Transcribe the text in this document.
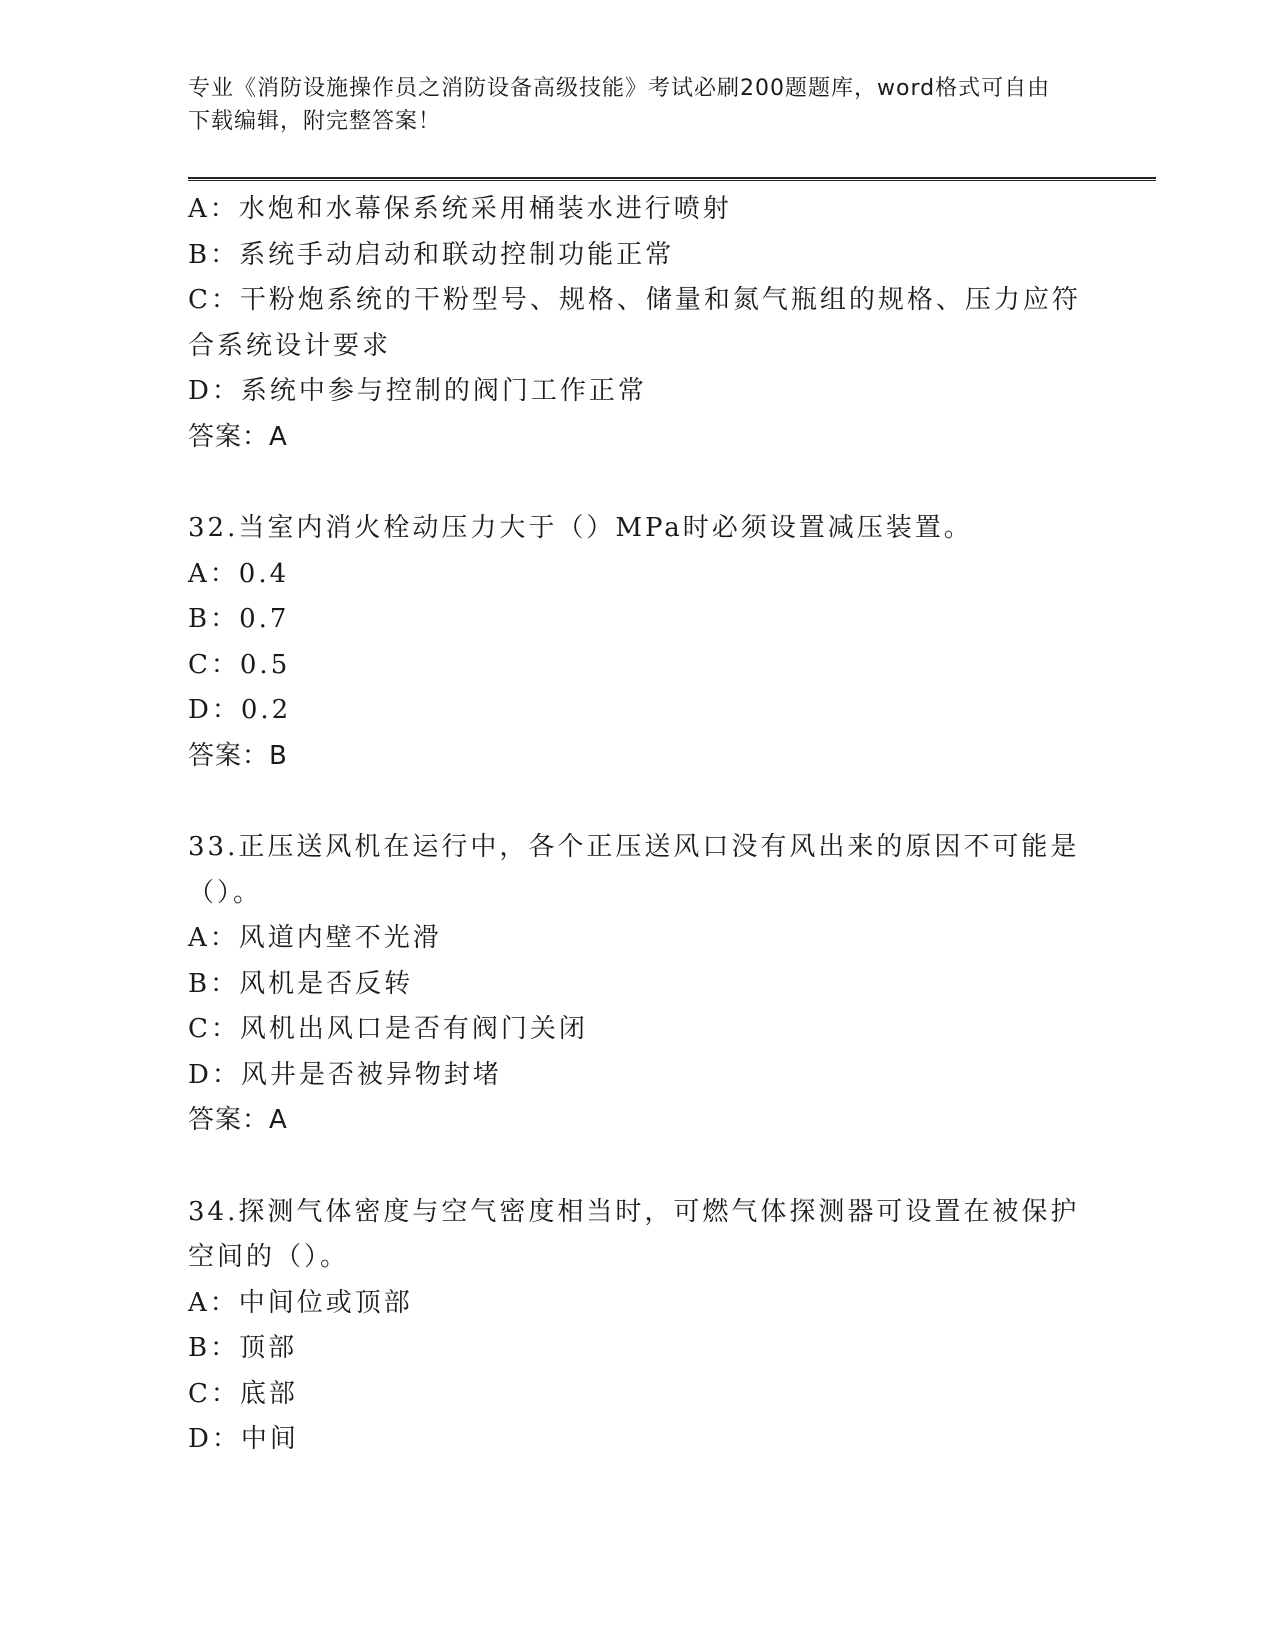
专业《消防设施操作员之消防设备高级技能》考试必刷200题题库，word格式可自由下载编辑，附完整答案！
A：水炮和水幕保系统采用桶装水进行喷射
B：系统手动启动和联动控制功能正常
C：干粉炮系统的干粉型号、规格、储量和氮气瓶组的规格、压力应符合系统设计要求
D：系统中参与控制的阀门工作正常
答案：A
32.当室内消火栓动压力大于（）MPa时必须设置减压装置。
A：0.4
B：0.7
C：0.5
D：0.2
答案：B
33.正压送风机在运行中，各个正压送风口没有风出来的原因不可能是（）。
A：风道内壁不光滑
B：风机是否反转
C：风机出风口是否有阀门关闭
D：风井是否被异物封堵
答案：A
34.探测气体密度与空气密度相当时，可燃气体探测器可设置在被保护空间的（）。
A：中间位或顶部
B：顶部
C：底部
D：中间
